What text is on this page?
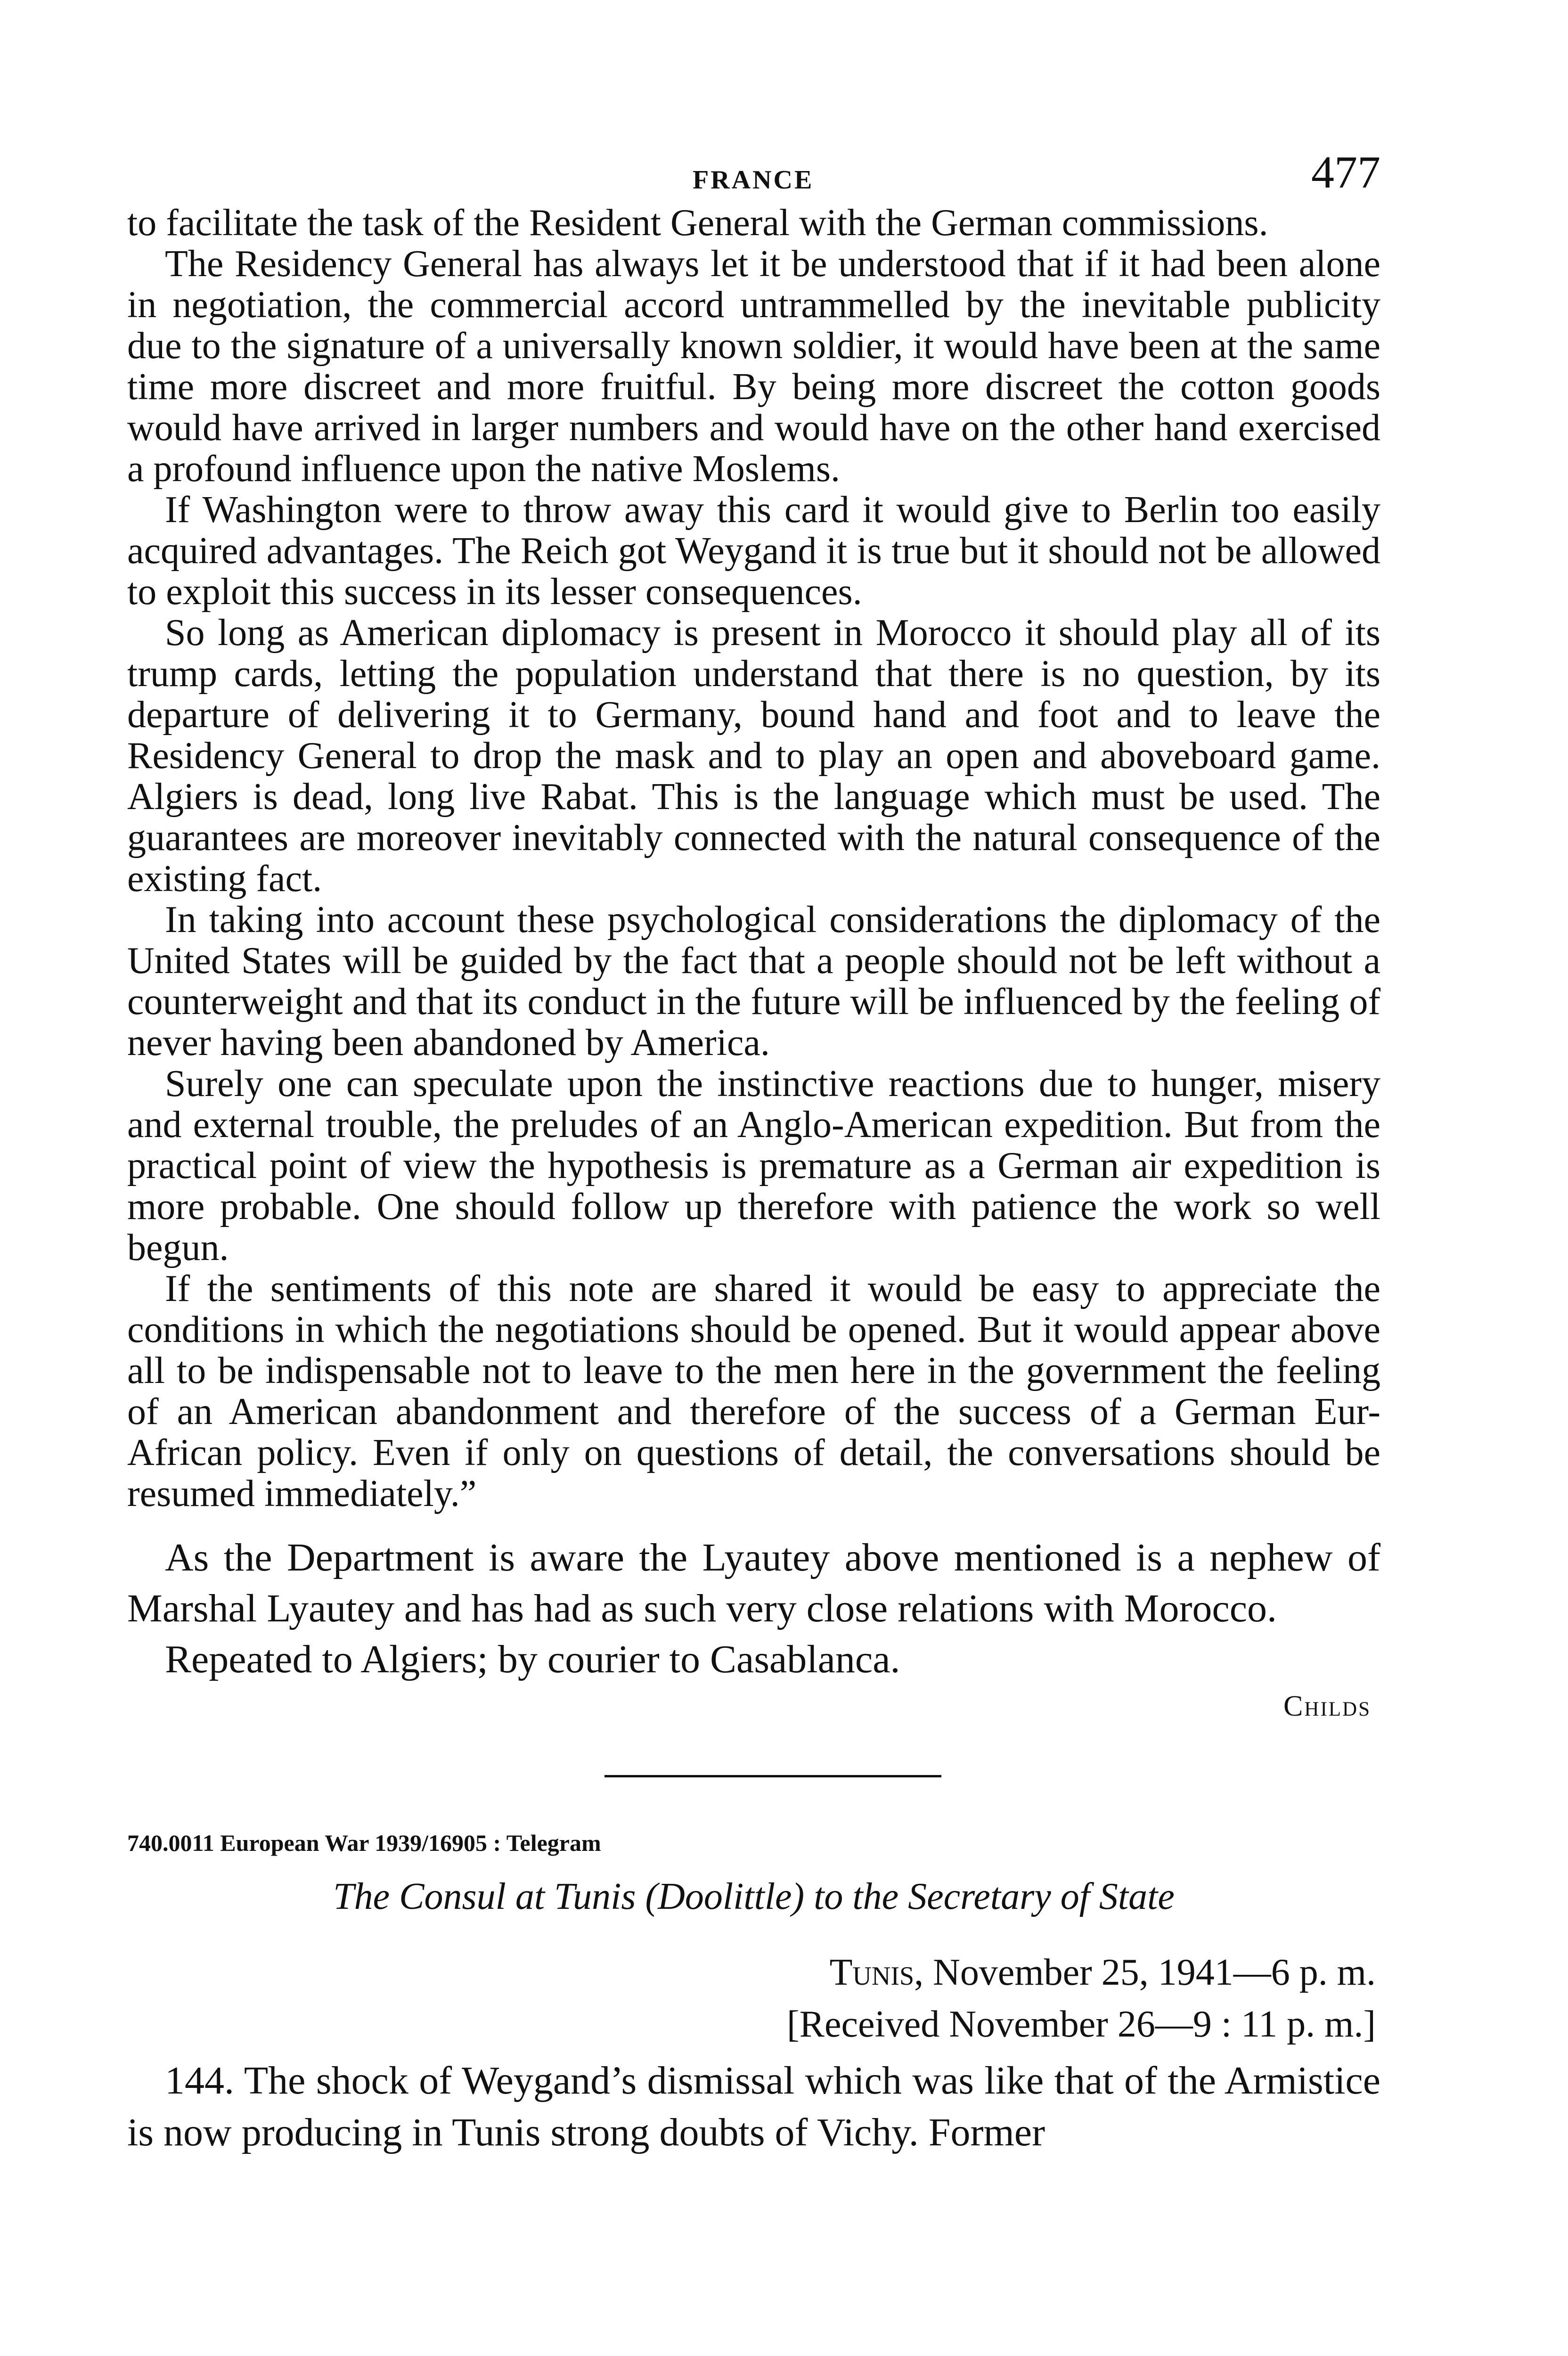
FRANCE	477

to facilitate the task of the Resident General with the German commissions.

The Residency General has always let it be understood that if it had been alone in negotiation, the commercial accord untrammelled by the inevitable publicity due to the signature of a universally known soldier, it would have been at the same time more discreet and more fruitful. By being more discreet the cotton goods would have arrived in larger numbers and would have on the other hand exercised a profound influence upon the native Moslems.

If Washington were to throw away this card it would give to Berlin too easily acquired advantages. The Reich got Weygand it is true but it should not be allowed to exploit this success in its lesser consequences.

So long as American diplomacy is present in Morocco it should play all of its trump cards, letting the population understand that there is no question, by its departure of delivering it to Germany, bound hand and foot and to leave the Residency General to drop the mask and to play an open and aboveboard game. Algiers is dead, long live Rabat. This is the language which must be used. The guarantees are moreover inevitably connected with the natural consequence of the existing fact.

In taking into account these psychological considerations the diplomacy of the United States will be guided by the fact that a people should not be left without a counterweight and that its conduct in the future will be influenced by the feeling of never having been abandoned by America.

Surely one can speculate upon the instinctive reactions due to hunger, misery and external trouble, the preludes of an Anglo-American expedition. But from the practical point of view the hypothesis is premature as a German air expedition is more probable. One should follow up therefore with patience the work so well begun.

If the sentiments of this note are shared it would be easy to appreciate the conditions in which the negotiations should be opened. But it would appear above all to be indispensable not to leave to the men here in the government the feeling of an American abandonment and therefore of the success of a German Eur-African policy. Even if only on questions of detail, the conversations should be resumed immediately.”

As the Department is aware the Lyautey above mentioned is a nephew of Marshal Lyautey and has had as such very close relations with Morocco.

Repeated to Algiers; by courier to Casablanca.

Childs
740.0011 European War 1939/16905 : Telegram
The Consul at Tunis (Doolittle) to the Secretary of State
Tunis, November 25, 1941—6 p. m.
[Received November 26—9 : 11 p. m.]

144. The shock of Weygand’s dismissal which was like that of the Armistice is now producing in Tunis strong doubts of Vichy. Former
